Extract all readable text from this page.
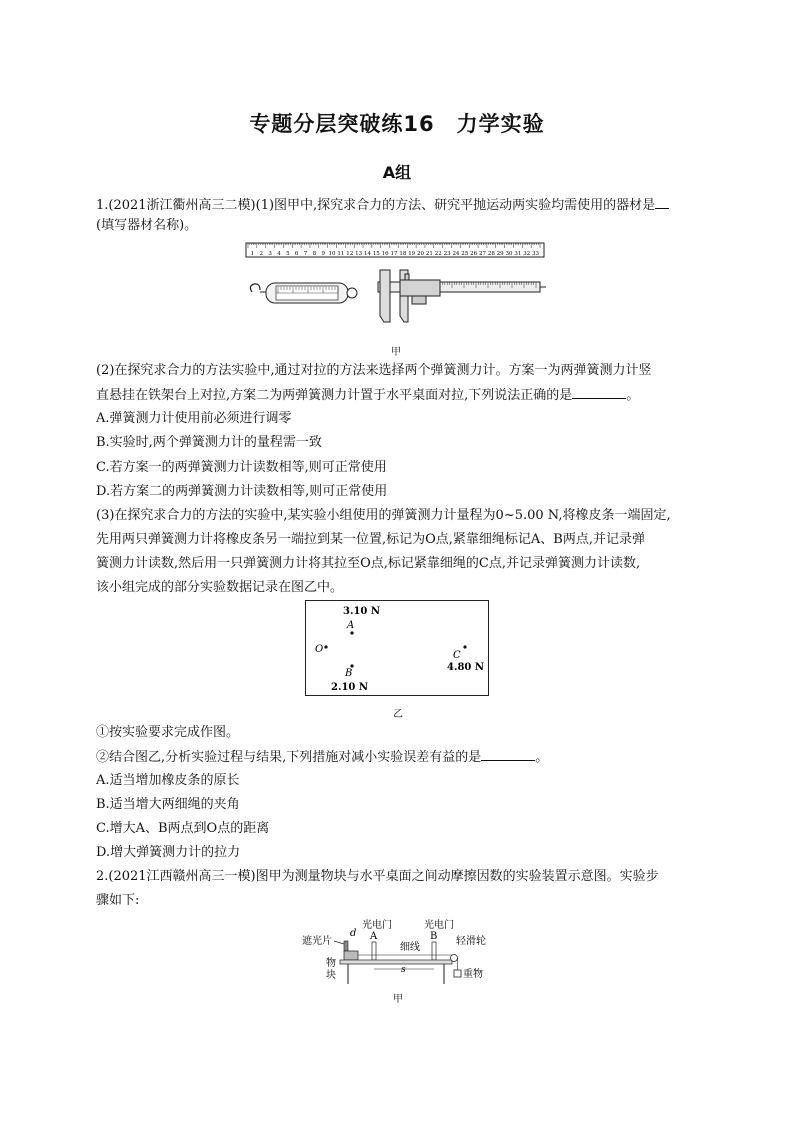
专题分层突破练16　力学实验
A组
1.(2021浙江衢州高三二模)(1)图甲中,探究求合力的方法、研究平抛运动两实验均需使用的器材是
(填写器材名称)。
1 2 3 4 5 6 7 8 9 10 11 12 13 14 15 16 17 18 19 20 21 22 23 24 25 26 27 28 29 30 31 32 33
甲
(2)在探究求合力的方法实验中,通过对拉的方法来选择两个弹簧测力计。方案一为两弹簧测力计竖
直悬挂在铁架台上对拉,方案二为两弹簧测力计置于水平桌面对拉,下列说法正确的是	。
A.弹簧测力计使用前必须进行调零
B.实验时,两个弹簧测力计的量程需一致
C.若方案一的两弹簧测力计读数相等,则可正常使用
D.若方案二的两弹簧测力计读数相等,则可正常使用
(3)在探究求合力的方法的实验中,某实验小组使用的弹簧测力计量程为0~5.00 N,将橡皮条一端固定,
先用两只弹簧测力计将橡皮条另一端拉到某一位置,标记为O点,紧靠细绳标记A、B两点,并记录弹
簧测力计读数,然后用一只弹簧测力计将其拉至O点,标记紧靠细绳的C点,并记录弹簧测力计读数,
该小组完成的部分实验数据记录在图乙中。
3.10 N
A
O
B
2.10 N
C
4.80 N
乙
①按实验要求完成作图。
②结合图乙,分析实验过程与结果,下列措施对减小实验误差有益的是	。
A.适当增加橡皮条的原长
B.适当增大两细绳的夹角
C.增大A、B两点到O点的距离
D.增大弹簧测力计的拉力
2.(2021江西赣州高三一模)图甲为测量物块与水平桌面之间动摩擦因数的实验装置示意图。实验步
骤如下:
遮光片
d
光电门
A
光电门
B
细线
轻滑轮
重物
s
物
块
甲
